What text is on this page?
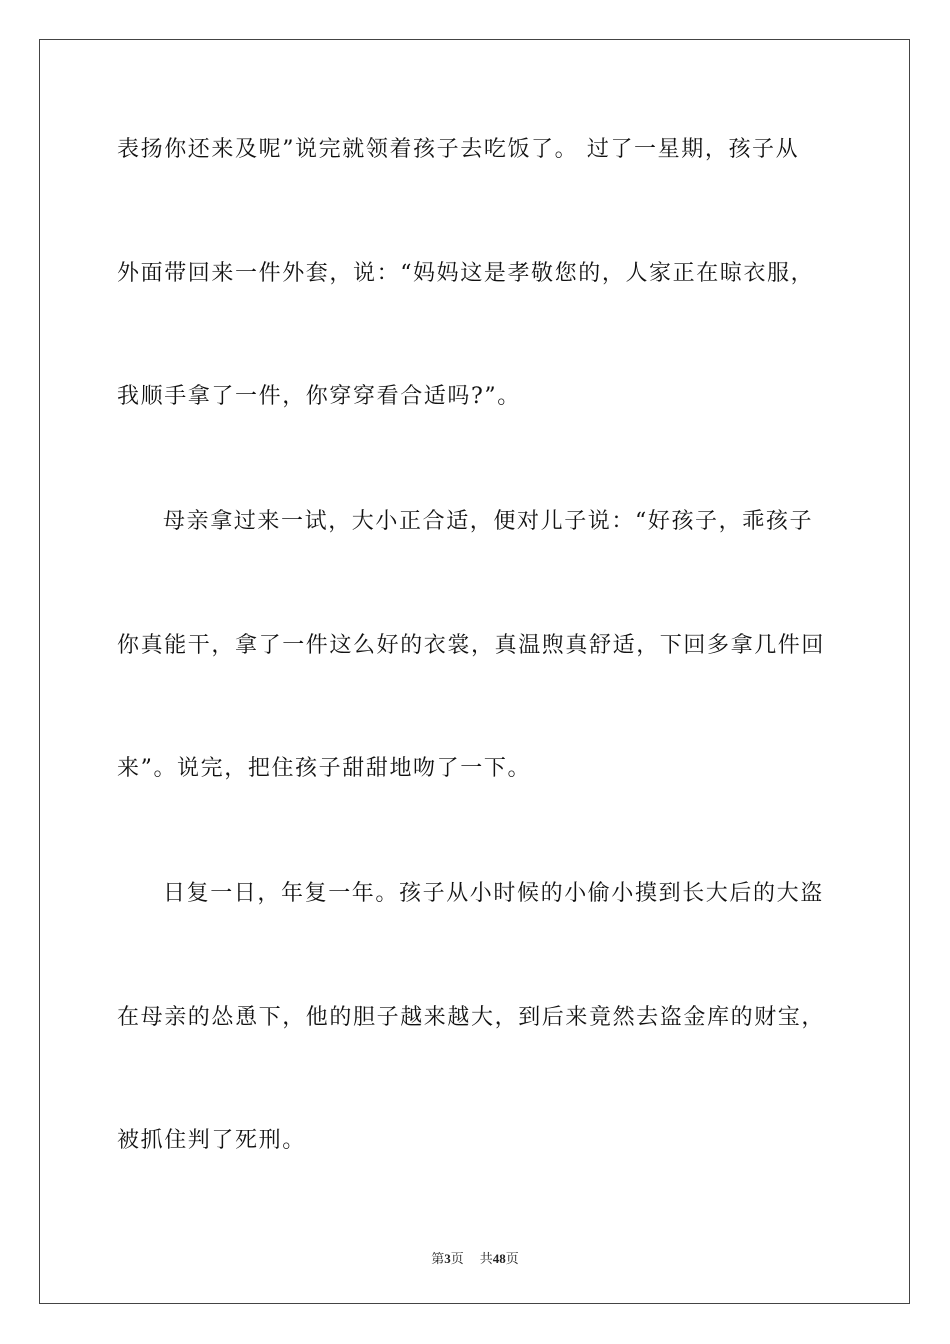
表扬你还来及呢”说完就领着孩子去吃饭了。 过了一星期，孩子从
外面带回来一件外套，说：“妈妈这是孝敬您的，人家正在晾衣服，
我顺手拿了一件，你穿穿看合适吗?”。
母亲拿过来一试，大小正合适，便对儿子说：“好孩子，乖孩子
你真能干，拿了一件这么好的衣裳，真温煦真舒适，下回多拿几件回
来”。说完，把住孩子甜甜地吻了一下。
日复一日，年复一年。孩子从小时候的小偷小摸到长大后的大盗
在母亲的怂恿下，他的胆子越来越大，到后来竟然去盗金库的财宝，
被抓住判了死刑。
第3页 共48页
